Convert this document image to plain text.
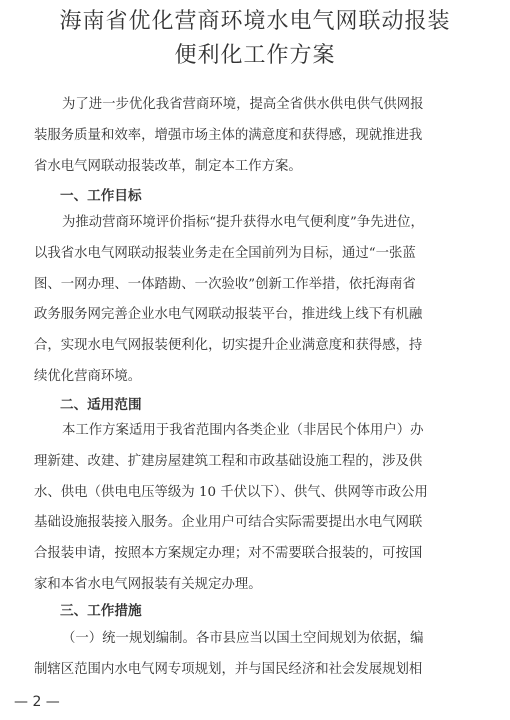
海南省优化营商环境水电气网联动报装
便利化工作方案
为了进一步优化我省营商环境，提高全省供水供电供气供网报
装服务质量和效率，增强市场主体的满意度和获得感，现就推进我
省水电气网联动报装改革，制定本工作方案。
一、工作目标
为推动营商环境评价指标“提升获得水电气便利度”争先进位，
以我省水电气网联动报装业务走在全国前列为目标，通过“一张蓝
图、一网办理、一体踏勘、一次验收”创新工作举措，依托海南省
政务服务网完善企业水电气网联动报装平台，推进线上线下有机融
合，实现水电气网报装便利化，切实提升企业满意度和获得感，持
续优化营商环境。
二、适用范围
本工作方案适用于我省范围内各类企业（非居民个体用户）办
理新建、改建、扩建房屋建筑工程和市政基础设施工程的，涉及供
水、供电（供电电压等级为 10 千伏以下）、供气、供网等市政公用
基础设施报装接入服务。企业用户可结合实际需要提出水电气网联
合报装申请，按照本方案规定办理；对不需要联合报装的，可按国
家和本省水电气网报装有关规定办理。
三、工作措施
（一）统一规划编制。各市县应当以国土空间规划为依据，编
制辖区范围内水电气网专项规划，并与国民经济和社会发展规划相
— 2 —
